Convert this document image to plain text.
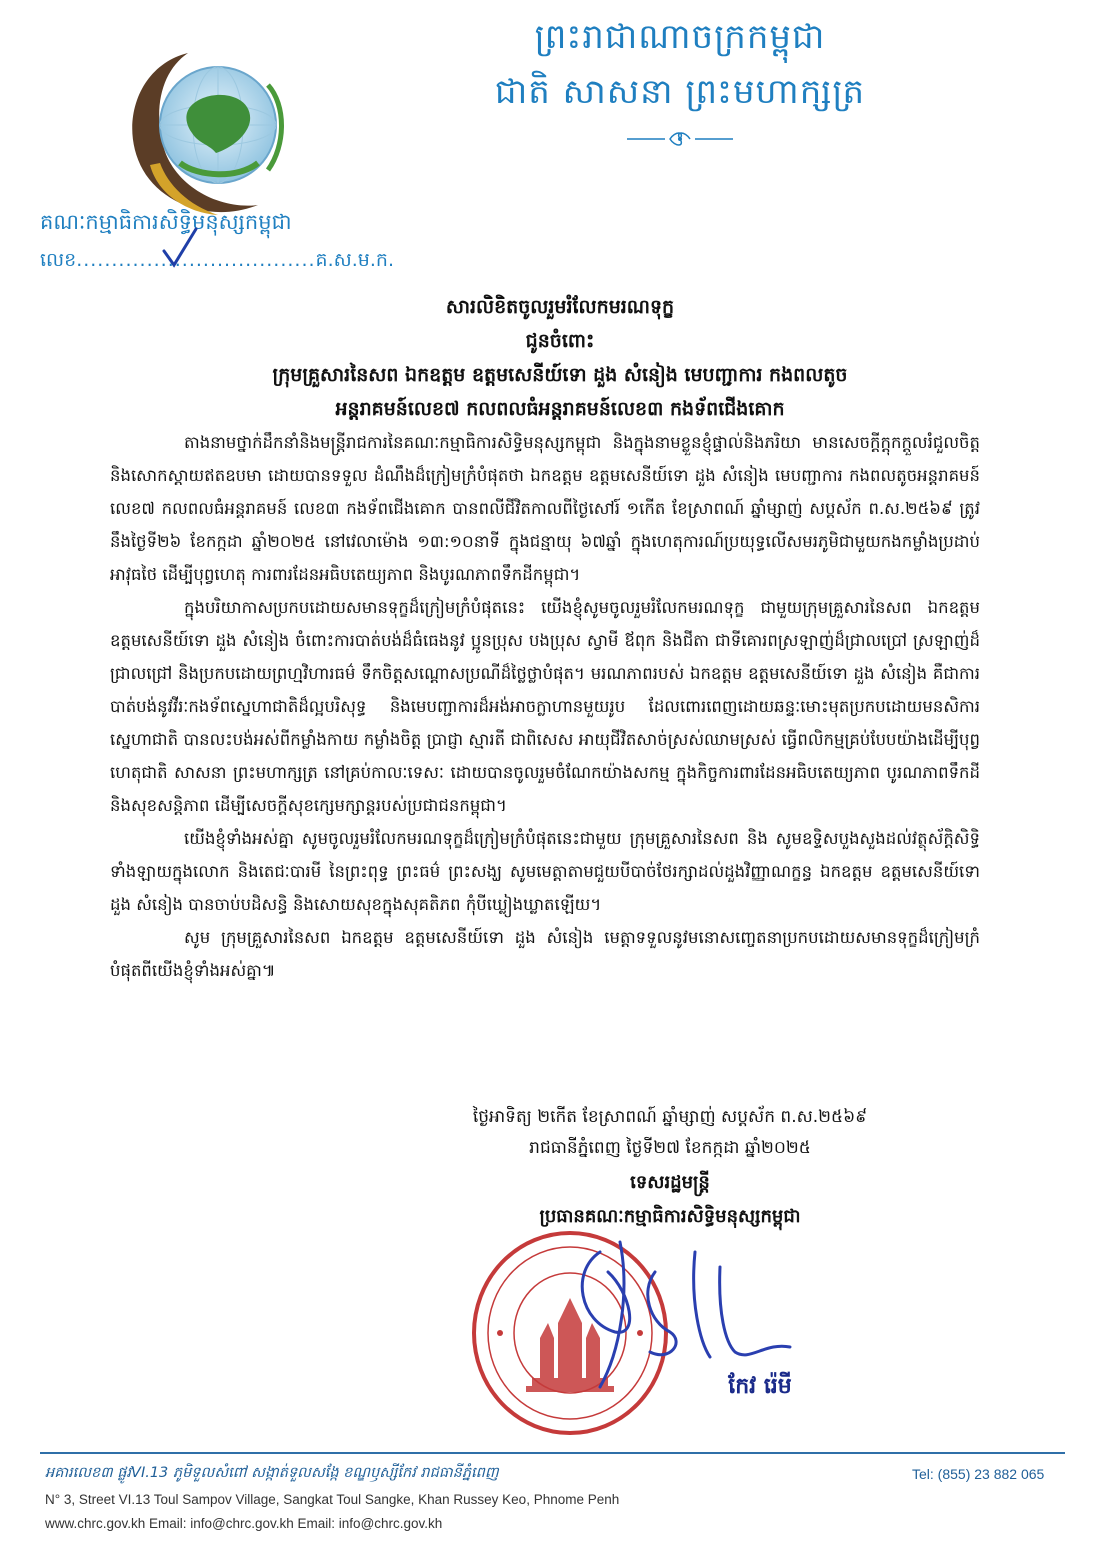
ព្រះរាជាណាចក្រកម្ពុជា
ជាតិ សាសនា ព្រះមហាក្សត្រ
គណៈកម្មាធិការសិទ្ធិមនុស្សកម្ពុជា
លេខ..................................គ.ស.ម.ក.
សារលិខិតចូលរួមរំលែកមរណទុក្ខ
ជូនចំពោះ
ក្រុមគ្រួសារនៃសព ឯកឧត្តម ឧត្តមសេនីយ៍ទោ ដួង សំនៀង មេបញ្ជាការ កងពលតូច
អន្តរាគមន៍លេខ៧ កលពលធំអន្តរាគមន៍លេខ៣ កងទ័ពជើងគោក

តាងនាមថ្នាក់ដឹកនាំនិងមន្ត្រីរាជការនៃគណៈកម្មាធិការសិទ្ធិមនុស្សកម្ពុជា និងក្នុងនាមខ្លួនខ្ញុំផ្ទាល់និងភរិយា មានសេចក្ដីក្ដុកក្ដួលរំជួលចិត្ត និងសោកស្ដាយឥតឧបមា ដោយបានទទួល ដំណឹងដ៏ក្រៀមក្រំបំផុតថា ឯកឧត្តម ឧត្តមសេនីយ៍ទោ ដួង សំនៀង មេបញ្ជាការ កងពលតូចអន្តរាគមន៍ លេខ៧ កលពលធំអន្តរាគមន៍ លេខ៣ កងទ័ពជើងគោក បានពលីជីវិតកាលពីថ្ងៃសៅរ៍ ១កើត ខែស្រាពណ៍ ឆ្នាំម្សាញ់ សប្ដស័ក ព.ស.២៥៦៩ ត្រូវនឹងថ្ងៃទី២៦ ខែកក្កដា ឆ្នាំ២០២៥ នៅវេលាម៉ោង ១៣:១០នាទី ក្នុងជន្មាយុ ៦៧ឆ្នាំ ក្នុងហេតុការណ៍ប្រយុទ្ធលើសមរភូមិជាមួយកងកម្លាំងប្រដាប់អាវុធថៃ ដើម្បីបុព្វហេតុ ការពារដែនអធិបតេយ្យភាព និងបូរណភាពទឹកដីកម្ពុជា។

ក្នុងបរិយាកាសប្រកបដោយសមានទុក្ខដ៏ក្រៀមក្រំបំផុតនេះ យើងខ្ញុំសូមចូលរួមរំលែកមរណទុក្ខ ជាមួយក្រុមគ្រួសារនៃសព ឯកឧត្តម ឧត្តមសេនីយ៍ទោ ដួង សំនៀង ចំពោះការបាត់បង់ដ៏ធំធេងនូវ ប្អូនប្រុស បងប្រុស ស្វាមី ឪពុក និងជីតា ជាទីគោរពស្រឡាញ់ដ៏ជ្រាលប្រៅ ស្រឡាញ់ដ៏ជ្រាលជ្រៅ និងប្រកបដោយព្រហ្មវិហារធម៌ ទឹកចិត្តសណ្ដោសប្រណីដ៏ថ្លៃថ្លាបំផុត។ មរណភាពរបស់ ឯកឧត្តម ឧត្តមសេនីយ៍ទោ ដួង សំនៀង គឺជាការបាត់បង់នូវវីរៈកងទ័ពស្នេហាជាតិដ៏ល្អបរិសុទ្ធ និងមេបញ្ជាការដ៏អង់អាចក្លាហានមួយរូប ដែលពោរពេញដោយឆន្ទៈមោះមុតប្រកបដោយមនសិការស្នេហាជាតិ បានលះបង់អស់ពីកម្លាំងកាយ កម្លាំងចិត្ត ប្រាជ្ញា ស្មារតី ជាពិសេស អាយុជីវិតសាច់ស្រស់ឈាមស្រស់ ធ្វើពលិកម្មគ្រប់បែបយ៉ាងដើម្បីបុព្វហេតុជាតិ សាសនា ព្រះមហាក្សត្រ នៅគ្រប់កាលៈទេសៈ ដោយបានចូលរួមចំណែកយ៉ាងសកម្ម ក្នុងកិច្ចការពារដែនអធិបតេយ្យភាព បូរណភាពទឹកដី និងសុខសន្តិភាព ដើម្បីសេចក្ដីសុខក្សេមក្សាន្តរបស់ប្រជាជនកម្ពុជា។

យើងខ្ញុំទាំងអស់គ្នា សូមចូលរួមរំលែកមរណទុក្ខដ៏ក្រៀមក្រំបំផុតនេះជាមួយ ក្រុមគ្រួសារនៃសព និង សូមឧទ្ទិសបួងសួងដល់វត្ថុស័ក្តិសិទ្ធិទាំងឡាយក្នុងលោក និងតេជៈបារមី នៃព្រះពុទ្ធ ព្រះធម៌ ព្រះសង្ឃ សូមមេត្តាតាមជួយបីបាច់ថែរក្សាដល់ដួងវិញ្ញាណក្ខន្ធ ឯកឧត្តម ឧត្តមសេនីយ៍ទោ ដួង សំនៀង បានចាប់បដិសន្ធិ និងសោយសុខក្នុងសុគតិភព កុំបីឃ្លៀងឃ្លាតឡើយ។

សូម ក្រុមគ្រួសារនៃសព ឯកឧត្តម ឧត្តមសេនីយ៍ទោ ដួង សំនៀង មេត្តាទទួលនូវមនោសញ្ចេតនាប្រកបដោយសមានទុក្ខដ៏ក្រៀមក្រំបំផុតពីយើងខ្ញុំទាំងអស់គ្នា៕

ថ្ងៃអាទិត្យ ២កើត ខែស្រាពណ៍ ឆ្នាំម្សាញ់ សប្ដស័ក ព.ស.២៥៦៩
រាជធានីភ្នំពេញ ថ្ងៃទី២៧ ខែកក្កដា ឆ្នាំ២០២៥
ទេសរដ្ឋមន្ត្រី
ប្រធានគណៈកម្មាធិការសិទ្ធិមនុស្សកម្ពុជា
កែវ រ៉េមី
អគារលេខ៣ ផ្លូវVI.13 ភូមិទួលសំពៅ សង្កាត់ទួលសង្កែ ខណ្ឌឫស្សីកែវ រាជធានីភ្នំពេញ	Tel: (855) 23 882 065
N° 3, Street VI.13 Toul Sampov Village, Sangkat Toul Sangke, Khan Russey Keo, Phnome Penh
www.chrc.gov.kh Email: info@chrc.gov.kh Email: info@chrc.gov.kh
